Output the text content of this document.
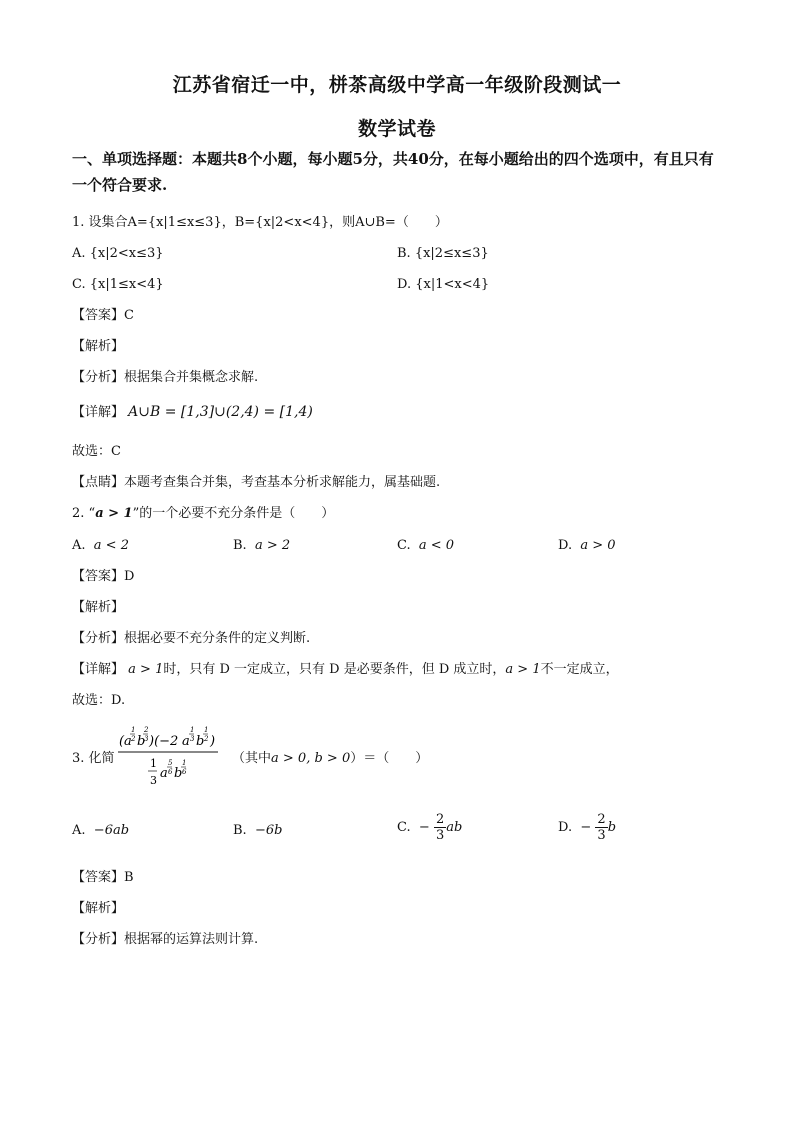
江苏省宿迁一中，栟茶高级中学高一年级阶段测试一
数学试卷
一、单项选择题：本题共8个小题，每小题5分，共40分，在每小题给出的四个选项中，有且只有一个符合要求.
1. 设集合A={x|1≤x≤3}，B={x|2<x<4}，则A∪B=（　　）
A. {x|2<x≤3}	B. {x|2≤x≤3}
C. {x|1≤x<4}	D. {x|1<x<4}
【答案】C
【解析】
【分析】根据集合并集概念求解.
【详解】 A∪B = [1,3]∪(2,4) = [1,4)
故选：C
【点睛】本题考查集合并集，考查基本分析求解能力，属基础题.
2. “a > 1”的一个必要不充分条件是（　　）
A. a < 2	B. a > 2	C. a < 0	D. a > 0
【答案】D
【解析】
【分析】根据必要不充分条件的定义判断.
【详解】 a > 1时，只有 D 一定成立，只有 D 是必要条件，但 D 成立时，a > 1不一定成立，
故选：D.
3. 化简
( a
1
2 b
2
3 )(−2 a
1
3 b
1
2 )
1
3 a
5
6 b
1
6
（其中a > 0, b > 0）＝（　　）
A. −6ab	B. −6b	C. − $\frac{2}{3}$ ab	D. − $\frac{2}{3}$ b
【答案】B
【解析】
【分析】根据幂的运算法则计算.
